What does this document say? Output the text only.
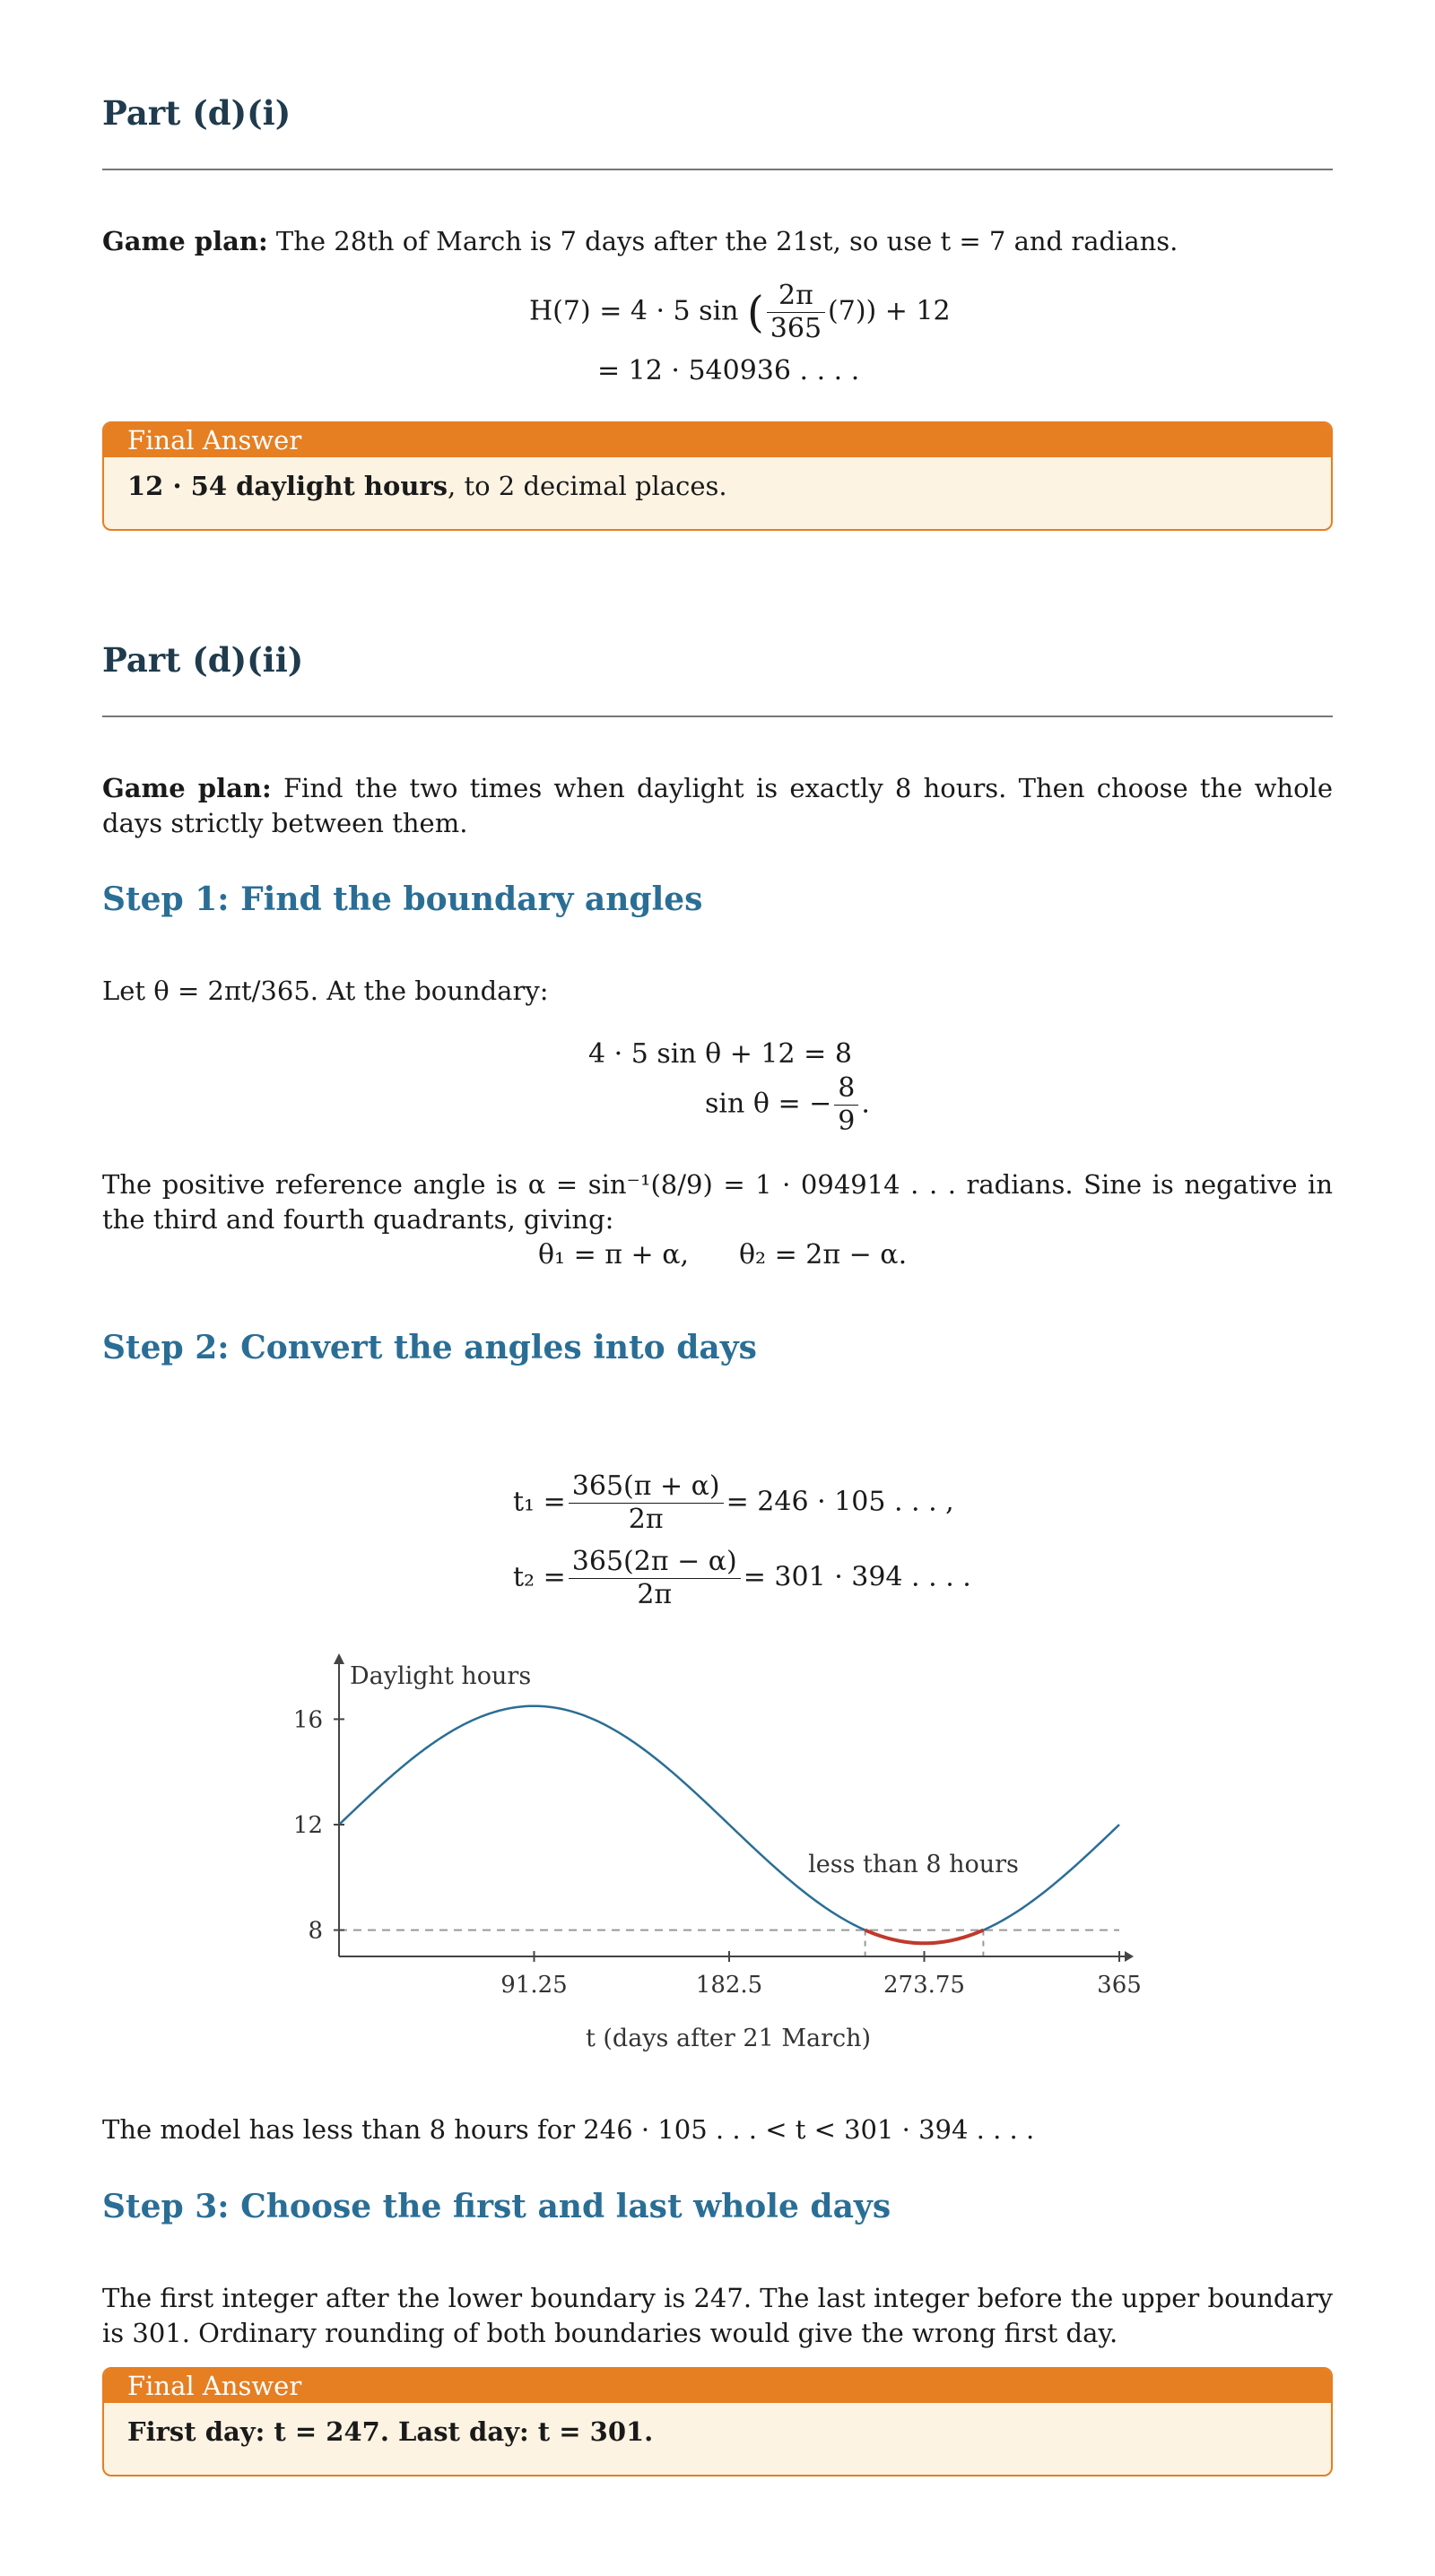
Part (d)(i)
Game plan: The 28th of March is 7 days after the 21st, so use t = 7 and radians.
H(7) = 4 · 5 sin ( $\frac{2\pi}{365} (7)) + 12$
= 12 · 540936 . . . .
Final Answer
12 · 54 daylight hours, to 2 decimal places.
Part (d)(ii)
Game plan: Find the two times when daylight is exactly 8 hours. Then choose the whole days strictly between them.
Step 1: Find the boundary angles
Let θ = 2πt/365. At the boundary:
4 · 5 sin θ + 12 = 8
sin θ = − $\frac{8}{9}$ .
The positive reference angle is α = sin⁻¹(8/9) = 1 · 094914 . . . radians. Sine is negative in the third and fourth quadrants, giving:
θ₁ = π + α, θ₂ = 2π − α.
Step 2: Convert the angles into days
$t_1 = \frac{365(\pi + \alpha)}{2\pi} = 246 \cdot 105$ . . . ,
$t_2 = \frac{365(2\pi - \alpha)}{2\pi} = 301 \cdot 394$ . . . .
91.25	182.5	273.75	365
8
12
16
Daylight hours
less than 8 hours
t (days after 21 March)
The model has less than 8 hours for 246 · 105 . . . < t < 301 · 394 . . . .
Step 3: Choose the first and last whole days
The first integer after the lower boundary is 247. The last integer before the upper boundary is 301. Ordinary rounding of both boundaries would give the wrong first day.
Final Answer
First day: t = 247. Last day: t = 301.
